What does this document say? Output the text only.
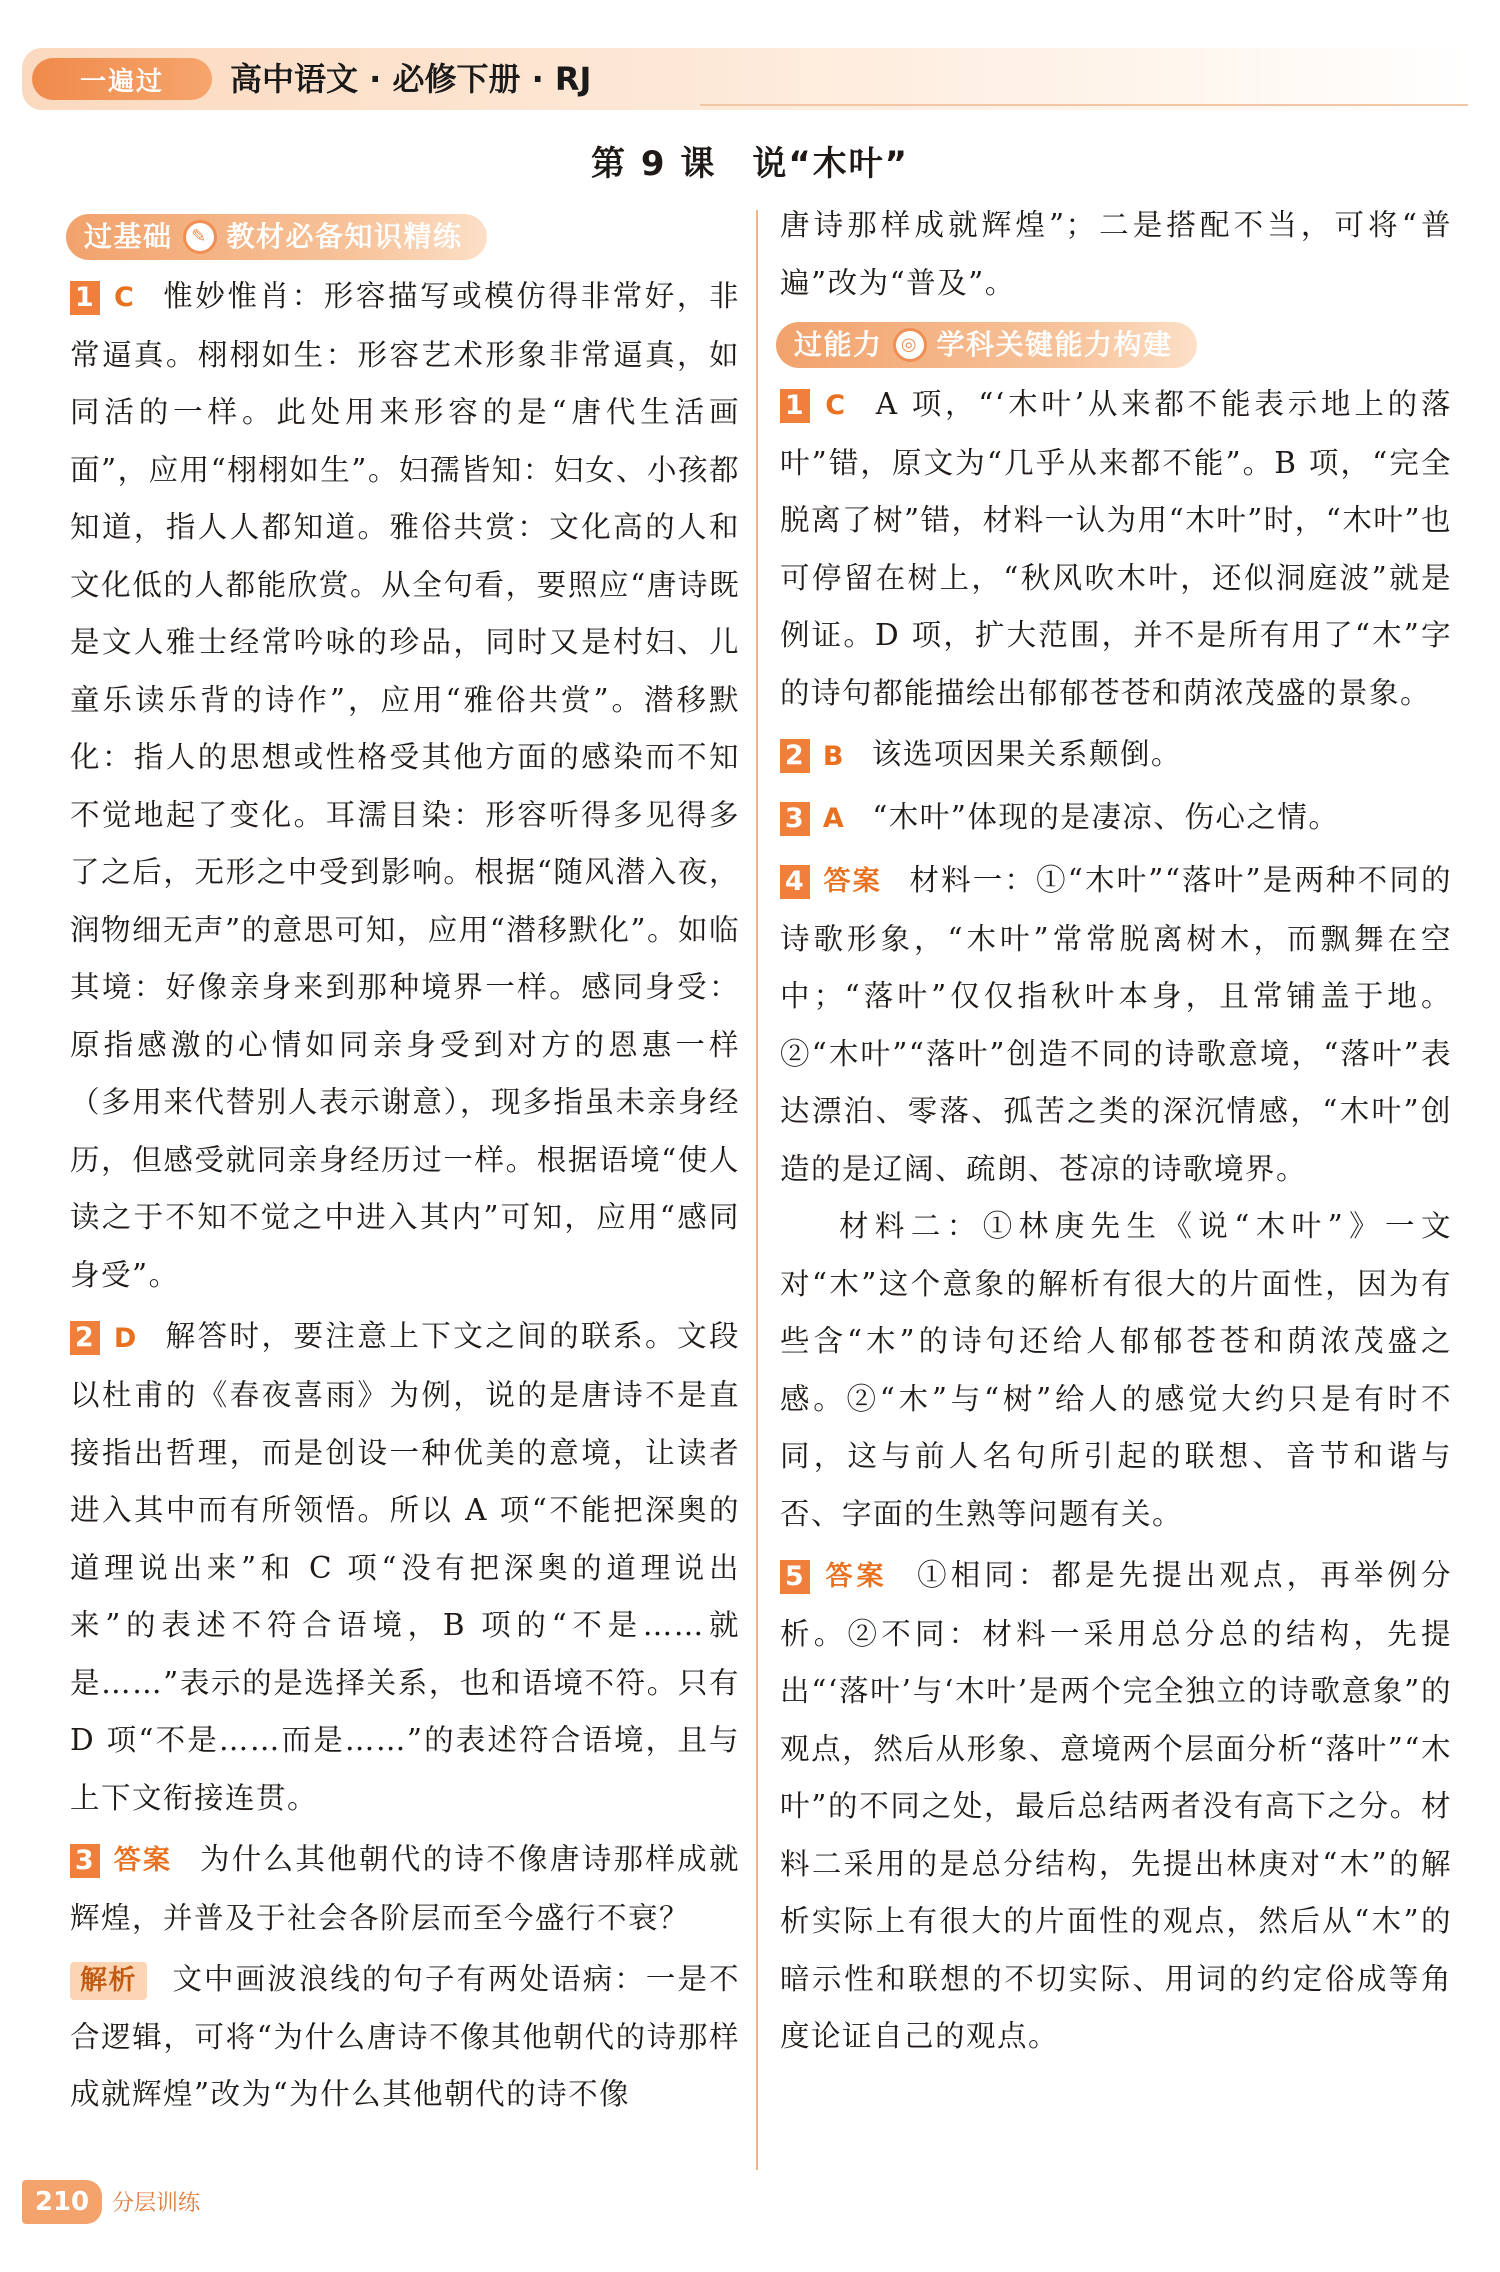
一遍过	高中语文 · 必修下册 · RJ
第 9 课　说“木叶”
过基础	✎ 教材必备知识精练

1 C 惟妙惟肖：形容描写或模仿得非常好，非常逼真。栩栩如生：形容艺术形象非常逼真，如同活的一样。此处用来形容的是“唐代生活画面”，应用“栩栩如生”。妇孺皆知：妇女、小孩都知道，指人人都知道。雅俗共赏：文化高的人和文化低的人都能欣赏。从全句看，要照应“唐诗既是文人雅士经常吟咏的珍品，同时又是村妇、儿童乐读乐背的诗作”，应用“雅俗共赏”。潜移默化：指人的思想或性格受其他方面的感染而不知不觉地起了变化。耳濡目染：形容听得多见得多了之后，无形之中受到影响。根据“随风潜入夜，润物细无声”的意思可知，应用“潜移默化”。如临其境：好像亲身来到那种境界一样。感同身受：原指感激的心情如同亲身受到对方的恩惠一样（多用来代替别人表示谢意），现多指虽未亲身经历，但感受就同亲身经历过一样。根据语境“使人读之于不知不觉之中进入其内”可知，应用“感同身受”。

2 D 解答时，要注意上下文之间的联系。文段以杜甫的《春夜喜雨》为例，说的是唐诗不是直接指出哲理，而是创设一种优美的意境，让读者进入其中而有所领悟。所以 A 项“不能把深奥的道理说出来”和 C 项“没有把深奥的道理说出来”的表述不符合语境，B 项的“不是……就是……”表示的是选择关系，也和语境不符。只有 D 项“不是……而是……”的表述符合语境，且与上下文衔接连贯。

3 答案 为什么其他朝代的诗不像唐诗那样成就辉煌，并普及于社会各阶层而至今盛行不衰？

解析 文中画波浪线的句子有两处语病：一是不合逻辑，可将“为什么唐诗不像其他朝代的诗那样成就辉煌”改为“为什么其他朝代的诗不像

唐诗那样成就辉煌”；二是搭配不当，可将“普遍”改为“普及”。

过能力	◎ 学科关键能力构建

1 C A 项，“‘木叶’从来都不能表示地上的落叶”错，原文为“几乎从来都不能”。B 项，“完全脱离了树”错，材料一认为用“木叶”时，“木叶”也可停留在树上，“秋风吹木叶，还似洞庭波”就是例证。D 项，扩大范围，并不是所有用了“木”字的诗句都能描绘出郁郁苍苍和荫浓茂盛的景象。

2 B 该选项因果关系颠倒。

3 A “木叶”体现的是凄凉、伤心之情。

4 答案 材料一：①“木叶”“落叶”是两种不同的诗歌形象，“木叶”常常脱离树木，而飘舞在空中；“落叶”仅仅指秋叶本身，且常铺盖于地。②“木叶”“落叶”创造不同的诗歌意境，“落叶”表达漂泊、零落、孤苦之类的深沉情感，“木叶”创造的是辽阔、疏朗、苍凉的诗歌境界。

材料二：①林庚先生《说“木叶”》一文对“木”这个意象的解析有很大的片面性，因为有些含“木”的诗句还给人郁郁苍苍和荫浓茂盛之感。②“木”与“树”给人的感觉大约只是有时不同，这与前人名句所引起的联想、音节和谐与否、字面的生熟等问题有关。

5 答案 ①相同：都是先提出观点，再举例分析。②不同：材料一采用总分总的结构，先提出“‘落叶’与‘木叶’是两个完全独立的诗歌意象”的观点，然后从形象、意境两个层面分析“落叶”“木叶”的不同之处，最后总结两者没有高下之分。材料二采用的是总分结构，先提出林庚对“木”的解析实际上有很大的片面性的观点，然后从“木”的暗示性和联想的不切实际、用词的约定俗成等角度论证自己的观点。

210	分层训练
